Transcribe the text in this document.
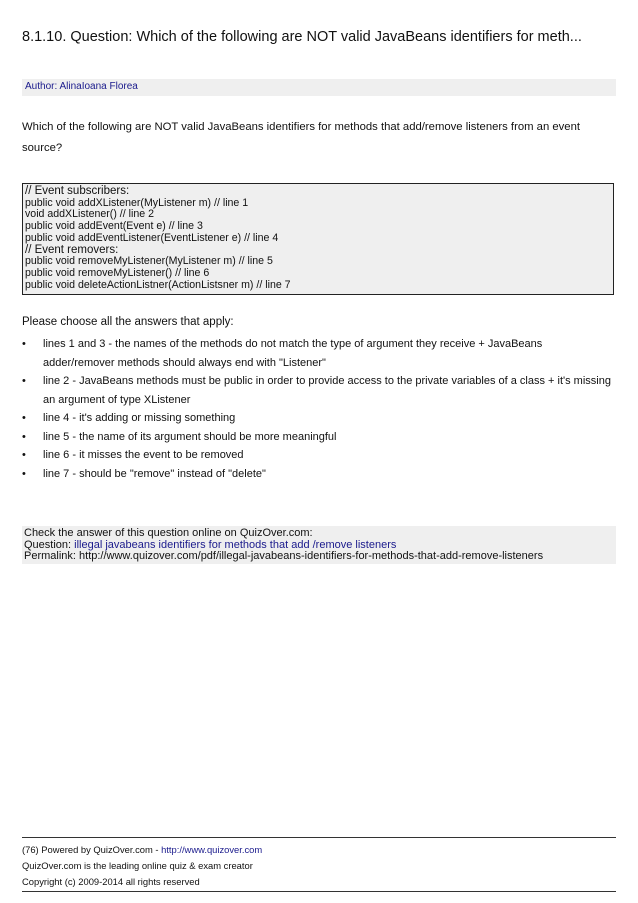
8.1.10. Question: Which of the following are NOT valid JavaBeans identifiers for meth...
Author: AlinaIoana Florea
Which of the following are NOT valid JavaBeans identifiers for methods that add/remove listeners from an event source?
// Event subscribers:
public void addXListener(MyListener m) // line 1
void addXListener() // line 2
public void addEvent(Event e) // line 3
public void addEventListener(EventListener e) // line 4
// Event removers:
public void removeMyListener(MyListener m) // line 5
public void removeMyListener() // line 6
public void deleteActionListner(ActionListsner m) // line 7
Please choose all the answers that apply:
• lines 1 and 3 - the names of the methods do not match the type of argument they receive + JavaBeans adder/remover methods should always end with "Listener"
• line 2 - JavaBeans methods must be public in order to provide access to the private variables of a class + it's missing an argument of type XListener
• line 4 - it's adding or missing something
• line 5 - the name of its argument should be more meaningful
• line 6 - it misses the event to be removed
• line 7 - should be "remove" instead of "delete"
Check the answer of this question online on QuizOver.com:
Question: illegal javabeans identifiers for methods that add /remove listeners
Permalink: http://www.quizover.com/pdf/illegal-javabeans-identifiers-for-methods-that-add-remove-listeners
(76) Powered by QuizOver.com - http://www.quizover.com
QuizOver.com is the leading online quiz & exam creator
Copyright (c) 2009-2014 all rights reserved
